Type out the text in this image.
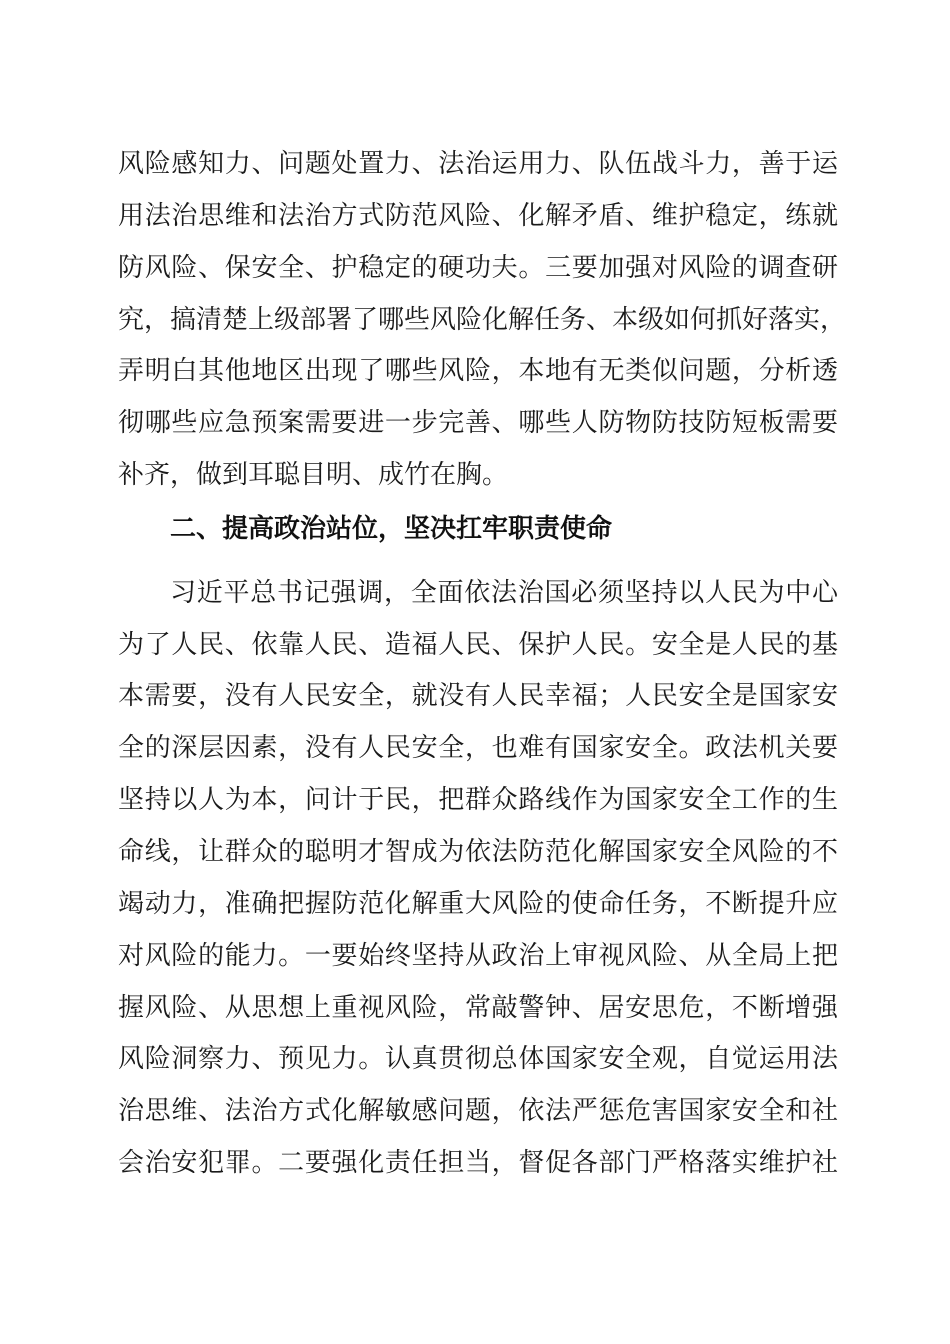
风险感知力、问题处置力、法治运用力、队伍战斗力，善于运
用法治思维和法治方式防范风险、化解矛盾、维护稳定，练就
防风险、保安全、护稳定的硬功夫。三要加强对风险的调查研
究，搞清楚上级部署了哪些风险化解任务、本级如何抓好落实，
弄明白其他地区出现了哪些风险，本地有无类似问题，分析透
彻哪些应急预案需要进一步完善、哪些人防物防技防短板需要
补齐，做到耳聪目明、成竹在胸。
二、提高政治站位，坚决扛牢职责使命
习近平总书记强调，全面依法治国必须坚持以人民为中心
为了人民、依靠人民、造福人民、保护人民。安全是人民的基
本需要，没有人民安全，就没有人民幸福；人民安全是国家安
全的深层因素，没有人民安全，也难有国家安全。政法机关要
坚持以人为本，问计于民，把群众路线作为国家安全工作的生
命线，让群众的聪明才智成为依法防范化解国家安全风险的不
竭动力，准确把握防范化解重大风险的使命任务，不断提升应
对风险的能力。一要始终坚持从政治上审视风险、从全局上把
握风险、从思想上重视风险，常敲警钟、居安思危，不断增强
风险洞察力、预见力。认真贯彻总体国家安全观，自觉运用法
治思维、法治方式化解敏感问题，依法严惩危害国家安全和社
会治安犯罪。二要强化责任担当，督促各部门严格落实维护社
